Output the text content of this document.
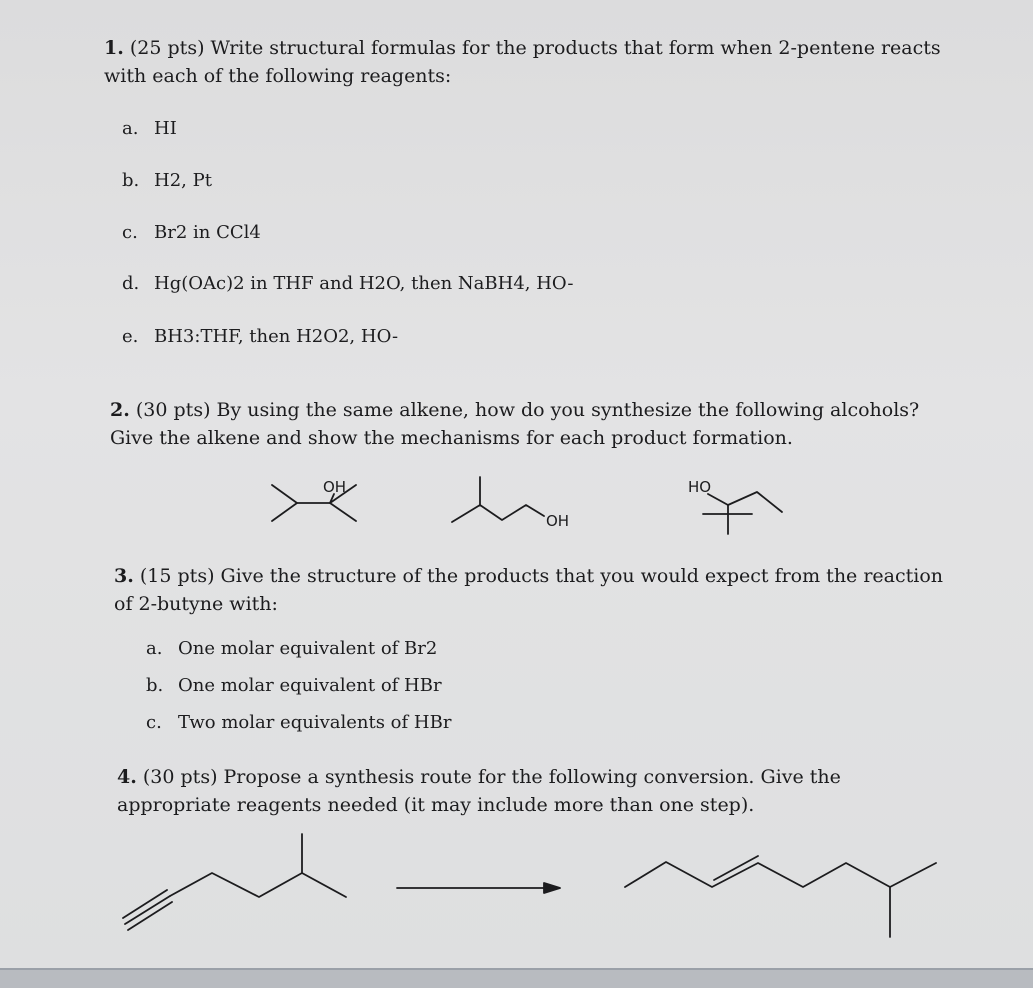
1. (25 pts) Write structural formulas for the products that form when 2-pentene reacts with each of the following reagents:

a. HI

b. H2, Pt

c. Br2 in CCl4

d. Hg(OAc)2 in THF and H2O, then NaBH4, HO-

e. BH3:THF, then H2O2, HO-

2. (30 pts) By using the same alkene, how do you synthesize the following alcohols? Give the alkene and show the mechanisms for each product formation.

3. (15 pts) Give the structure of the products that you would expect from the reaction of 2-butyne with:

a. One molar equivalent of Br2

b. One molar equivalent of HBr

c. Two molar equivalents of HBr

4. (30 pts) Propose a synthesis route for the following conversion. Give the appropriate reagents needed (it may include more than one step).

OH
OH
HO
